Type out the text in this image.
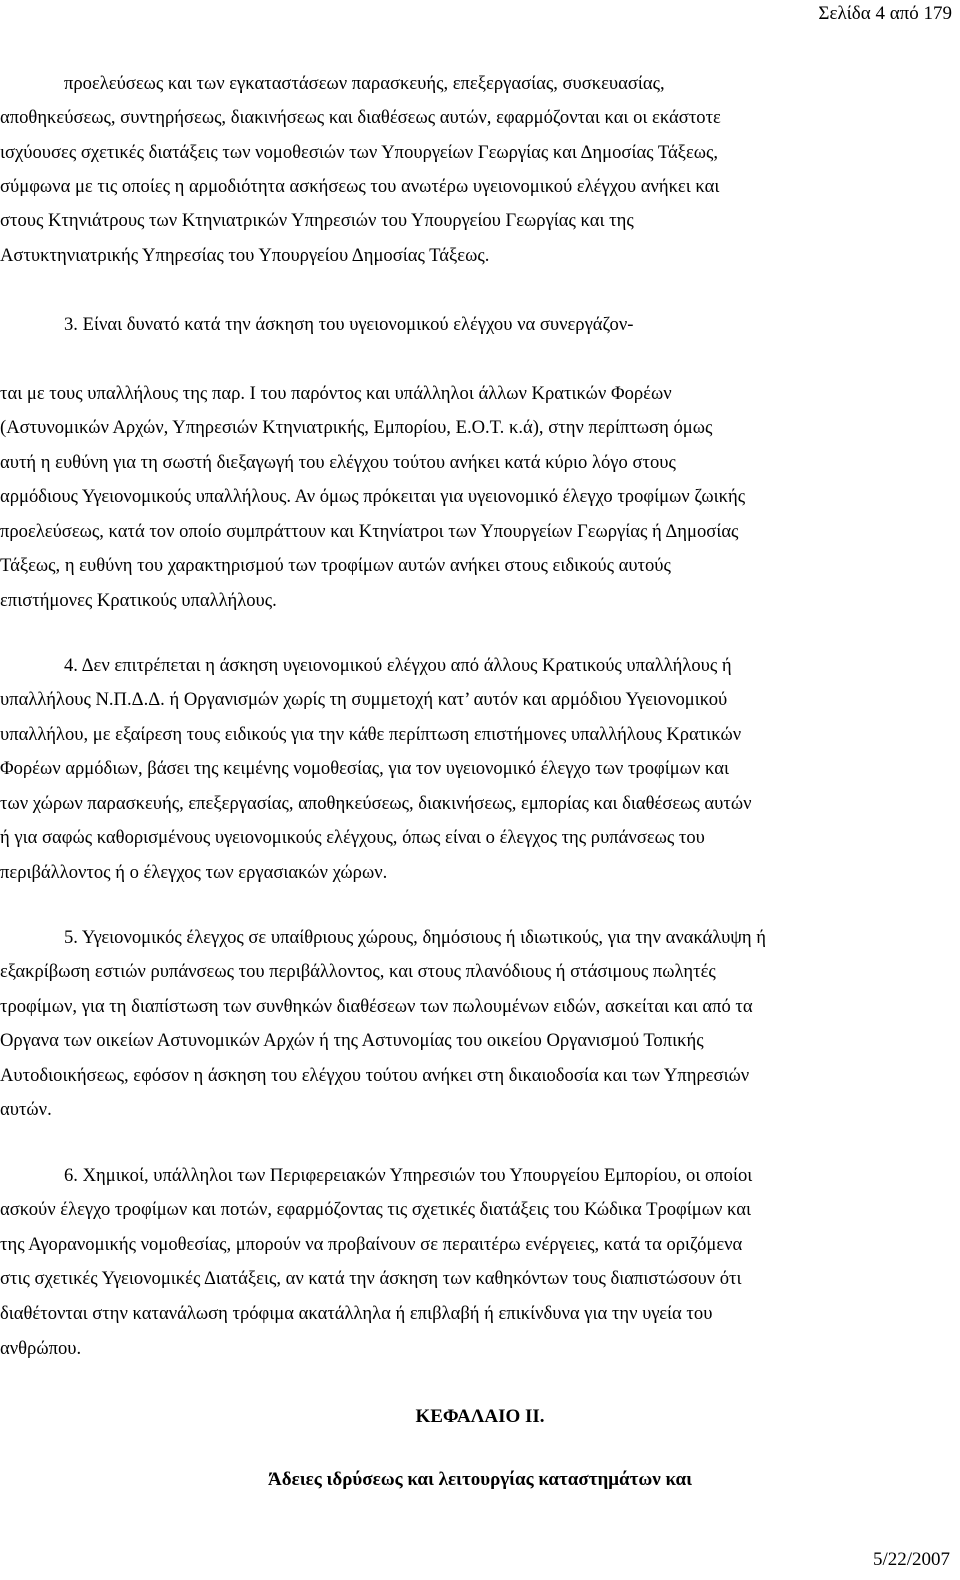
Σελίδα 4 από 179
προελεύσεως και των εγκαταστάσεων παρασκευής, επεξεργασίας, συσκευασίας,
αποθηκεύσεως, συντηρήσεως, διακινήσεως και διαθέσεως αυτών, εφαρμόζονται και οι εκάστοτε
ισχύουσες σχετικές διατάξεις των νομοθεσιών των Υπουργείων Γεωργίας και Δημοσίας Τάξεως,
σύμφωνα με τις οποίες η αρμοδιότητα ασκήσεως του ανωτέρω υγειονομικού ελέγχου ανήκει και
στους Κτηνιάτρους των Κτηνιατρικών Υπηρεσιών του Υπουργείου Γεωργίας και της
Αστυκτηνιατρικής Υπηρεσίας του Υπουργείου Δημοσίας Τάξεως.
3. Είναι δυνατό κατά την άσκηση του υγειονομικού ελέγχου να συνεργάζον-
ται με τους υπαλλήλους της παρ. Ι του παρόντος και υπάλληλοι άλλων Κρατικών Φορέων
(Αστυνομικών Αρχών, Υπηρεσιών Κτηνιατρικής, Εμπορίου, Ε.Ο.Τ. κ.ά), στην περίπτωση όμως
αυτή η ευθύνη για τη σωστή διεξαγωγή του ελέγχου τούτου ανήκει κατά κύριο λόγο στους
αρμόδιους Υγειονομικούς υπαλλήλους. Αν όμως πρόκειται για υγειονομικό έλεγχο τροφίμων ζωικής
προελεύσεως, κατά τον οποίο συμπράττουν και Κτηνίατροι των Υπουργείων Γεωργίας ή Δημοσίας
Τάξεως, η ευθύνη του χαρακτηρισμού των τροφίμων αυτών ανήκει στους ειδικούς αυτούς
επιστήμονες Κρατικούς υπαλλήλους.
4. Δεν επιτρέπεται η άσκηση υγειονομικού ελέγχου από άλλους Κρατικούς υπαλλήλους ή
υπαλλήλους Ν.Π.Δ.Δ. ή Οργανισμών χωρίς τη συμμετοχή κατ’ αυτόν και αρμόδιου Υγειονομικού
υπαλλήλου, με εξαίρεση τους ειδικούς για την κάθε περίπτωση επιστήμονες υπαλλήλους Κρατικών
Φορέων αρμόδιων, βάσει της κειμένης νομοθεσίας, για τον υγειονομικό έλεγχο των τροφίμων και
των χώρων παρασκευής, επεξεργασίας, αποθηκεύσεως, διακινήσεως, εμπορίας και διαθέσεως αυτών
ή για σαφώς καθορισμένους υγειονομικούς ελέγχους, όπως είναι ο έλεγχος της ρυπάνσεως του
περιβάλλοντος ή ο έλεγχος των εργασιακών χώρων.
5. Υγειονομικός έλεγχος σε υπαίθριους χώρους, δημόσιους ή ιδιωτικούς, για την ανακάλυψη ή
εξακρίβωση εστιών ρυπάνσεως του περιβάλλοντος, και στους πλανόδιους ή στάσιμους πωλητές
τροφίμων, για τη διαπίστωση των συνθηκών διαθέσεων των πωλουμένων ειδών, ασκείται και από τα
Οργανα των οικείων Αστυνομικών Αρχών ή της Αστυνομίας του οικείου Οργανισμού Τοπικής
Αυτοδιοικήσεως, εφόσον η άσκηση του ελέγχου τούτου ανήκει στη δικαιοδοσία και των Υπηρεσιών
αυτών.
6. Χημικοί, υπάλληλοι των Περιφερειακών Υπηρεσιών του Υπουργείου Εμπορίου, οι οποίοι
ασκούν έλεγχο τροφίμων και ποτών, εφαρμόζοντας τις σχετικές διατάξεις του Κώδικα Τροφίμων και
της Αγορανομικής νομοθεσίας, μπορούν να προβαίνουν σε περαιτέρω ενέργειες, κατά τα οριζόμενα
στις σχετικές Υγειονομικές Διατάξεις, αν κατά την άσκηση των καθηκόντων τους διαπιστώσουν ότι
διαθέτονται στην κατανάλωση τρόφιμα ακατάλληλα ή επιβλαβή ή επικίνδυνα για την υγεία του
ανθρώπου.
ΚΕΦΑΛΑΙΟ ΙΙ.
Άδειες ιδρύσεως και λειτουργίας καταστημάτων και
5/22/2007
